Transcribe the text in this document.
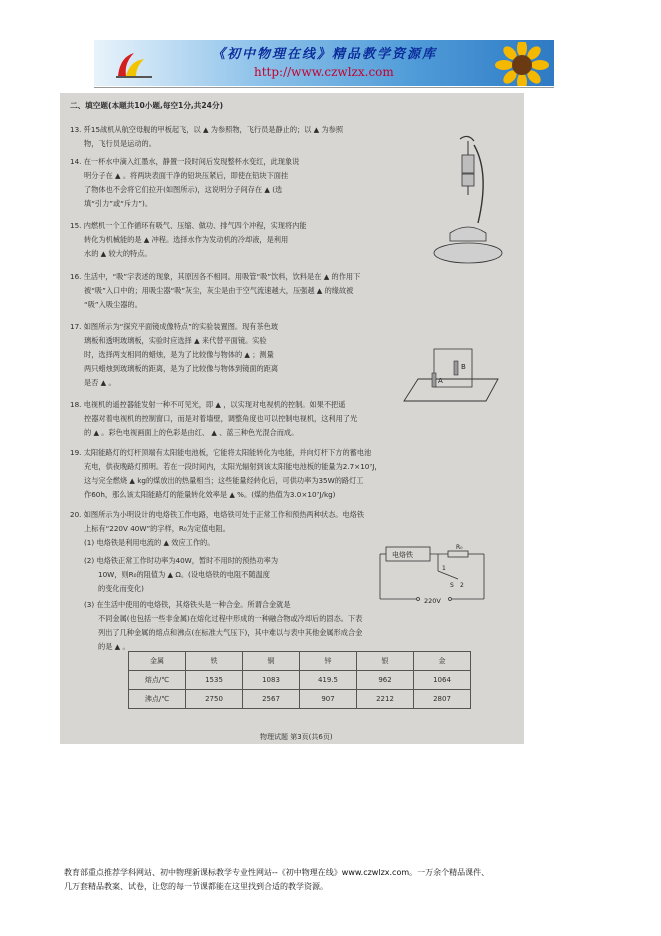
《初中物理在线》精品教学资源库
http://www.czwlzx.com
二、填空题(本题共10小题,每空1分,共24分)
13. 歼15战机从航空母舰的甲板起飞，以 ▲ 为参照物，飞行员是静止的；以 ▲ 为参照
物，飞行员是运动的。
14. 在一杯水中滴入红墨水，静置一段时间后发现整杯水变红，此现象说
明分子在 ▲ 。将两块表面干净的铅块压紧后，即使在铅块下面挂
了物体也不会将它们拉开(如图所示)，这说明分子间存在 ▲ (选
填“引力”或“斥力”)。
15. 内燃机一个工作循环有吸气、压缩、做功、排气四个冲程，实现将内能
转化为机械能的是 ▲ 冲程。选择水作为发动机的冷却液，是利用
水的 ▲ 较大的特点。
16. 生活中，“吸”字表述的现象，其原因各不相同。用吸管“吸”饮料，饮料是在 ▲ 的作用下
被“吸”入口中的；用吸尘器“吸”灰尘，灰尘是由于空气流速越大，压强越 ▲ 的缘故被
“吸”入吸尘器的。
17. 如图所示为“探究平面镜成像特点”的实验装置图。现有茶色玻
璃板和透明玻璃板，实验时应选择 ▲ 来代替平面镜。实验
时，选择两支相同的蜡烛，是为了比较像与物体的 ▲ ；测量
两只蜡烛到玻璃板的距离，是为了比较像与物体到镜面的距离
是否 ▲ 。
18. 电视机的遥控器能发射一种不可见光，即 ▲ ，以实现对电视机的控制。如果不把遥
控器对着电视机的控制窗口，而是对着墙壁，调整角度也可以控制电视机，这利用了光
的 ▲ 。彩色电视画面上的色彩是由红、 ▲ 、蓝三种色光混合而成。
19. 太阳能路灯的灯杆顶端有太阳能电池板，它能将太阳能转化为电能，并向灯杆下方的蓄电池
充电，供夜晚路灯照明。若在一段时间内，太阳光辐射到该太阳能电池板的能量为2.7×10⁷J，
这与完全燃烧 ▲ kg的煤放出的热量相当；这些能量经转化后，可供功率为35W的路灯工
作60h，那么该太阳能路灯的能量转化效率是 ▲ %。(煤的热值为3.0×10⁷J/kg)
20. 如图所示为小明设计的电烙铁工作电路，电烙铁可处于正常工作和预热两种状态。电烙铁
上标有“220V 40W”的字样，R₀为定值电阻。
(1) 电烙铁是利用电流的 ▲ 效应工作的。
(2) 电烙铁正常工作时功率为40W，暂时不用时的预热功率为
10W，则R₀的阻值为 ▲ Ω。(设电烙铁的电阻不随温度
的变化而变化)
(3) 在生活中使用的电烙铁，其烙铁头是一种合金。所谓合金就是
不同金属(也包括一些非金属)在熔化过程中形成的一种融合物或冷却后的固态。下表
列出了几种金属的熔点和沸点(在标准大气压下)，其中难以与表中其他金属形成合金
的是 ▲ 。
B
A
电烙铁
R₀
1
2
S
220V
金属	铁	铜	锌	银	金
熔点/℃	1535	1083	419.5	962	1064
沸点/℃	2750	2567	907	2212	2807
物理试题 第3页(共6页)
教育部重点推荐学科网站、初中物理新课标教学专业性网站--《初中物理在线》www.czwlzx.com。一万余个精品课件、
几万套精品教案、试卷，让您的每一节课都能在这里找到合适的教学资源。
